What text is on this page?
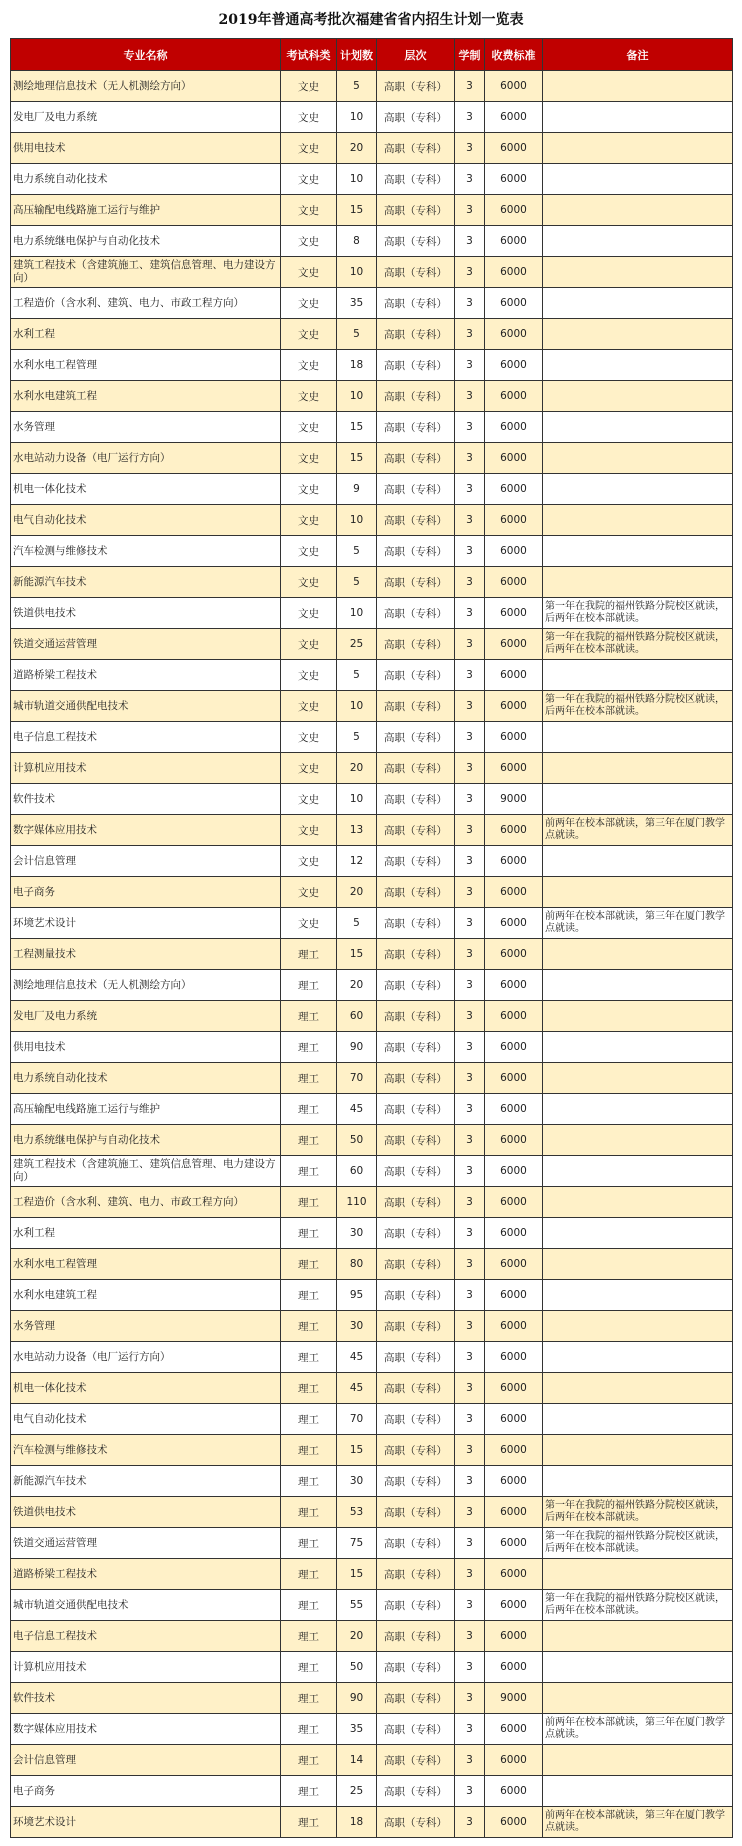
2019年普通高考批次福建省省内招生计划一览表
专业名称	考试科类	计划数	层次	学制	收费标准	备注
测绘地理信息技术（无人机测绘方向）	文史	5	高职（专科）	3	6000	
发电厂及电力系统	文史	10	高职（专科）	3	6000	
供用电技术	文史	20	高职（专科）	3	6000	
电力系统自动化技术	文史	10	高职（专科）	3	6000	
高压输配电线路施工运行与维护	文史	15	高职（专科）	3	6000	
电力系统继电保护与自动化技术	文史	8	高职（专科）	3	6000	
建筑工程技术（含建筑施工、建筑信息管理、电力建设方向）	文史	10	高职（专科）	3	6000	
工程造价（含水利、建筑、电力、市政工程方向）	文史	35	高职（专科）	3	6000	
水利工程	文史	5	高职（专科）	3	6000	
水利水电工程管理	文史	18	高职（专科）	3	6000	
水利水电建筑工程	文史	10	高职（专科）	3	6000	
水务管理	文史	15	高职（专科）	3	6000	
水电站动力设备（电厂运行方向）	文史	15	高职（专科）	3	6000	
机电一体化技术	文史	9	高职（专科）	3	6000	
电气自动化技术	文史	10	高职（专科）	3	6000	
汽车检测与维修技术	文史	5	高职（专科）	3	6000	
新能源汽车技术	文史	5	高职（专科）	3	6000	
铁道供电技术	文史	10	高职（专科）	3	6000	第一年在我院的福州铁路分院校区就读，后两年在校本部就读。
铁道交通运营管理	文史	25	高职（专科）	3	6000	第一年在我院的福州铁路分院校区就读，后两年在校本部就读。
道路桥梁工程技术	文史	5	高职（专科）	3	6000	
城市轨道交通供配电技术	文史	10	高职（专科）	3	6000	第一年在我院的福州铁路分院校区就读，后两年在校本部就读。
电子信息工程技术	文史	5	高职（专科）	3	6000	
计算机应用技术	文史	20	高职（专科）	3	6000	
软件技术	文史	10	高职（专科）	3	9000	
数字媒体应用技术	文史	13	高职（专科）	3	6000	前两年在校本部就读，第三年在厦门教学点就读。
会计信息管理	文史	12	高职（专科）	3	6000	
电子商务	文史	20	高职（专科）	3	6000	
环境艺术设计	文史	5	高职（专科）	3	6000	前两年在校本部就读，第三年在厦门教学点就读。
工程测量技术	理工	15	高职（专科）	3	6000	
测绘地理信息技术（无人机测绘方向）	理工	20	高职（专科）	3	6000	
发电厂及电力系统	理工	60	高职（专科）	3	6000	
供用电技术	理工	90	高职（专科）	3	6000	
电力系统自动化技术	理工	70	高职（专科）	3	6000	
高压输配电线路施工运行与维护	理工	45	高职（专科）	3	6000	
电力系统继电保护与自动化技术	理工	50	高职（专科）	3	6000	
建筑工程技术（含建筑施工、建筑信息管理、电力建设方向）	理工	60	高职（专科）	3	6000	
工程造价（含水利、建筑、电力、市政工程方向）	理工	110	高职（专科）	3	6000	
水利工程	理工	30	高职（专科）	3	6000	
水利水电工程管理	理工	80	高职（专科）	3	6000	
水利水电建筑工程	理工	95	高职（专科）	3	6000	
水务管理	理工	30	高职（专科）	3	6000	
水电站动力设备（电厂运行方向）	理工	45	高职（专科）	3	6000	
机电一体化技术	理工	45	高职（专科）	3	6000	
电气自动化技术	理工	70	高职（专科）	3	6000	
汽车检测与维修技术	理工	15	高职（专科）	3	6000	
新能源汽车技术	理工	30	高职（专科）	3	6000	
铁道供电技术	理工	53	高职（专科）	3	6000	第一年在我院的福州铁路分院校区就读，后两年在校本部就读。
铁道交通运营管理	理工	75	高职（专科）	3	6000	第一年在我院的福州铁路分院校区就读，后两年在校本部就读。
道路桥梁工程技术	理工	15	高职（专科）	3	6000	
城市轨道交通供配电技术	理工	55	高职（专科）	3	6000	第一年在我院的福州铁路分院校区就读，后两年在校本部就读。
电子信息工程技术	理工	20	高职（专科）	3	6000	
计算机应用技术	理工	50	高职（专科）	3	6000	
软件技术	理工	90	高职（专科）	3	9000	
数字媒体应用技术	理工	35	高职（专科）	3	6000	前两年在校本部就读，第三年在厦门教学点就读。
会计信息管理	理工	14	高职（专科）	3	6000	
电子商务	理工	25	高职（专科）	3	6000	
环境艺术设计	理工	18	高职（专科）	3	6000	前两年在校本部就读，第三年在厦门教学点就读。
